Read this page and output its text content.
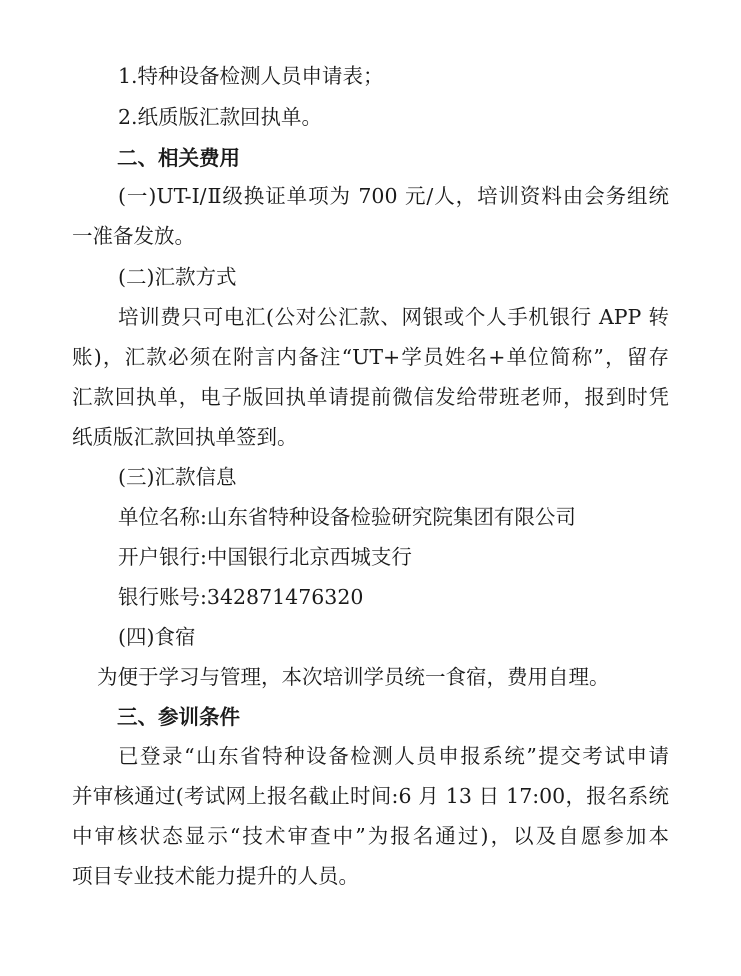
1.特种设备检测人员申请表；
2.纸质版汇款回执单。
二、相关费用
(一)UT-I/Ⅱ级换证单项为 700 元/人，培训资料由会务组统
一准备发放。
(二)汇款方式
培训费只可电汇(公对公汇款、网银或个人手机银行 APP 转
账)，汇款必须在附言内备注“UT+学员姓名+单位简称”，留存
汇款回执单，电子版回执单请提前微信发给带班老师，报到时凭
纸质版汇款回执单签到。
(三)汇款信息
单位名称:山东省特种设备检验研究院集团有限公司
开户银行:中国银行北京西城支行
银行账号:342871476320
(四)食宿
为便于学习与管理，本次培训学员统一食宿，费用自理。
三、参训条件
已登录“山东省特种设备检测人员申报系统”提交考试申请
并审核通过(考试网上报名截止时间:6 月 13 日 17:00，报名系统
中审核状态显示“技术审查中”为报名通过)，以及自愿参加本
项目专业技术能力提升的人员。
